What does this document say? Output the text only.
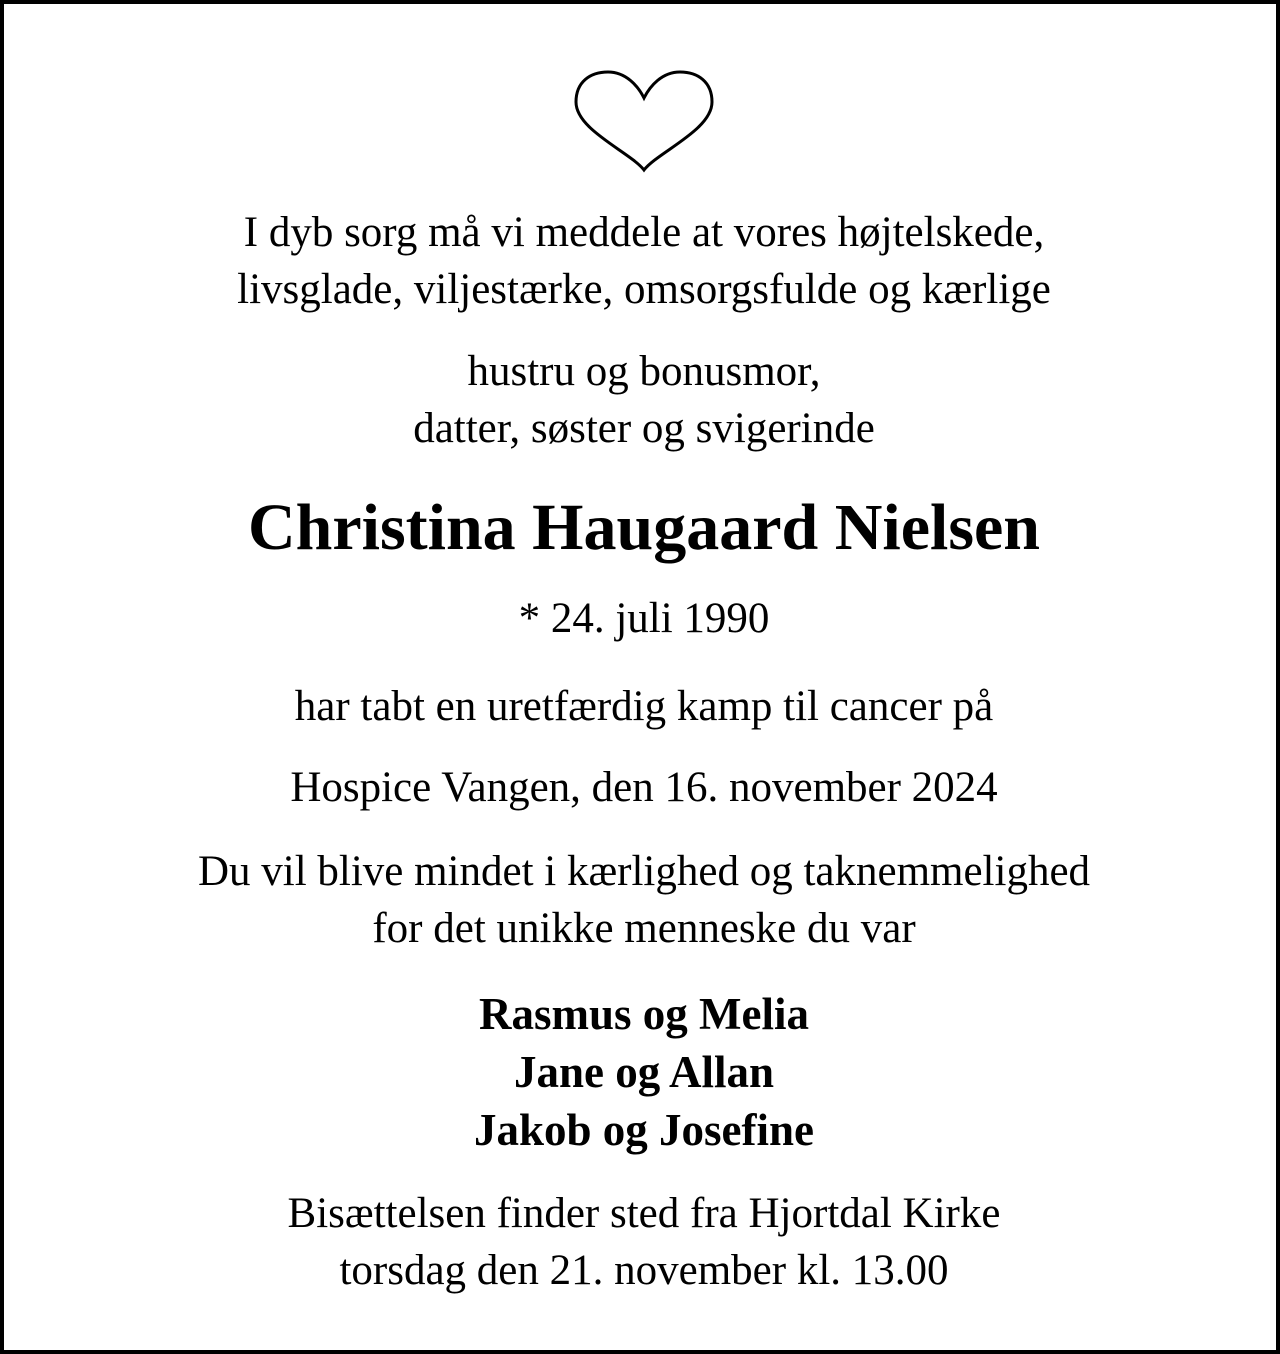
I dyb sorg må vi meddele at vores højtelskede,

livsglade, viljestærke, omsorgsfulde og kærlige

hustru og bonusmor,

datter, søster og svigerinde

Christina Haugaard Nielsen

* 24. juli 1990

har tabt en uretfærdig kamp til cancer på

Hospice Vangen, den 16. november 2024

Du vil blive mindet i kærlighed og taknemmelighed

for det unikke menneske du var

Rasmus og Melia

Jane og Allan

Jakob og Josefine

Bisættelsen finder sted fra Hjortdal Kirke

torsdag den 21. november kl. 13.00
